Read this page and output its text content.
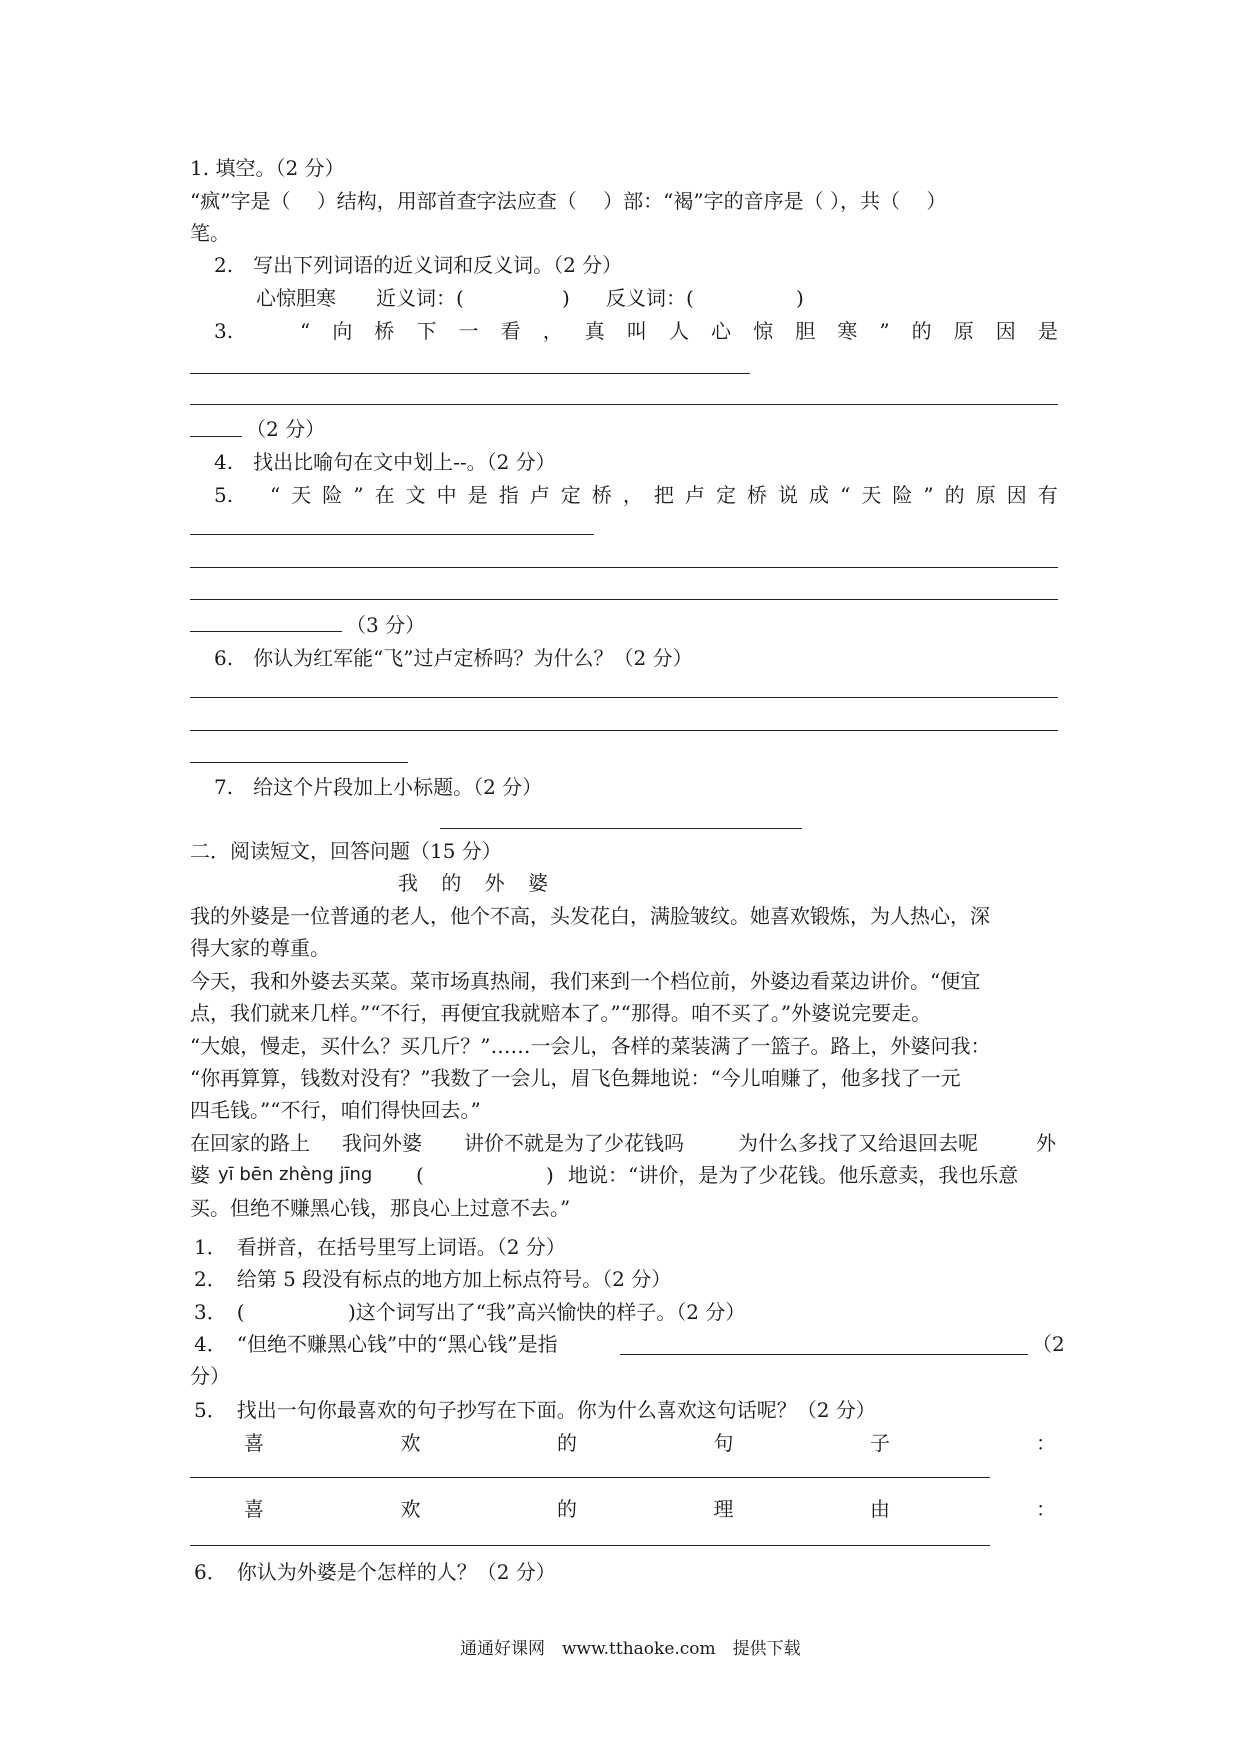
1. 填空。（2 分）
“疯”字是（　 ）结构，用部首查字法应查（　 ）部：“褐”字的音序是（ ），共（　 ）
笔。
2.　写出下列词语的近义词和反义词。（2 分）
心惊胆寒 近义词：(	) 反义词：(	)
3.	“ 向 桥 下 一 看 ， 真 叫 人 心 惊 胆 寒 ” 的 原 因 是
（2 分）
4.　找出比喻句在文中划上--。（2 分）
5. “ 天 险 ” 在 文 中 是 指 卢 定 桥 ， 把 卢 定 桥 说 成 “ 天 险 ” 的 原 因 有
（3 分）
6.　你认为红军能“飞”过卢定桥吗？为什么？（2 分）
7.　给这个片段加上小标题。（2 分）
二．阅读短文，回答问题（15 分）
我 的 外 婆
我的外婆是一位普通的老人，他个不高，头发花白，满脸皱纹。她喜欢锻炼，为人热心，深
得大家的尊重。
今天，我和外婆去买菜。菜市场真热闹，我们来到一个档位前，外婆边看菜边讲价。“便宜
点，我们就来几样。”“不行，再便宜我就赔本了。”“那得。咱不买了。”外婆说完要走。
“大娘，慢走，买什么？买几斤？”……一会儿，各样的菜装满了一篮子。路上，外婆问我：
“你再算算，钱数对没有？”我数了一会儿，眉飞色舞地说：“今儿咱赚了，他多找了一元
四毛钱。”“不行，咱们得快回去。”
在回家的路上 我问外婆 讲价不就是为了少花钱吗	为什么多找了又给退回去呢	外
婆 yī bēn zhèng jīng (	) 地说：“讲价，是为了少花钱。他乐意卖，我也乐意
买。但绝不赚黑心钱，那良心上过意不去。”
1．　看拼音，在括号里写上词语。（2 分）
2．　给第 5 段没有标点的地方加上标点符号。（2 分）
3．　(	)这个词写出了“我”高兴愉快的样子。（2 分）
4．　“但绝不赚黑心钱”中的“黑心钱”是指	（2
分）
5．　找出一句你最喜欢的句子抄写在下面。你为什么喜欢这句话呢？（2 分）
喜	欢	的	句	子	：
喜	欢	的	理	由	：
6．　你认为外婆是个怎样的人？（2 分）
通通好课网　www.tthaoke.com　提供下载
